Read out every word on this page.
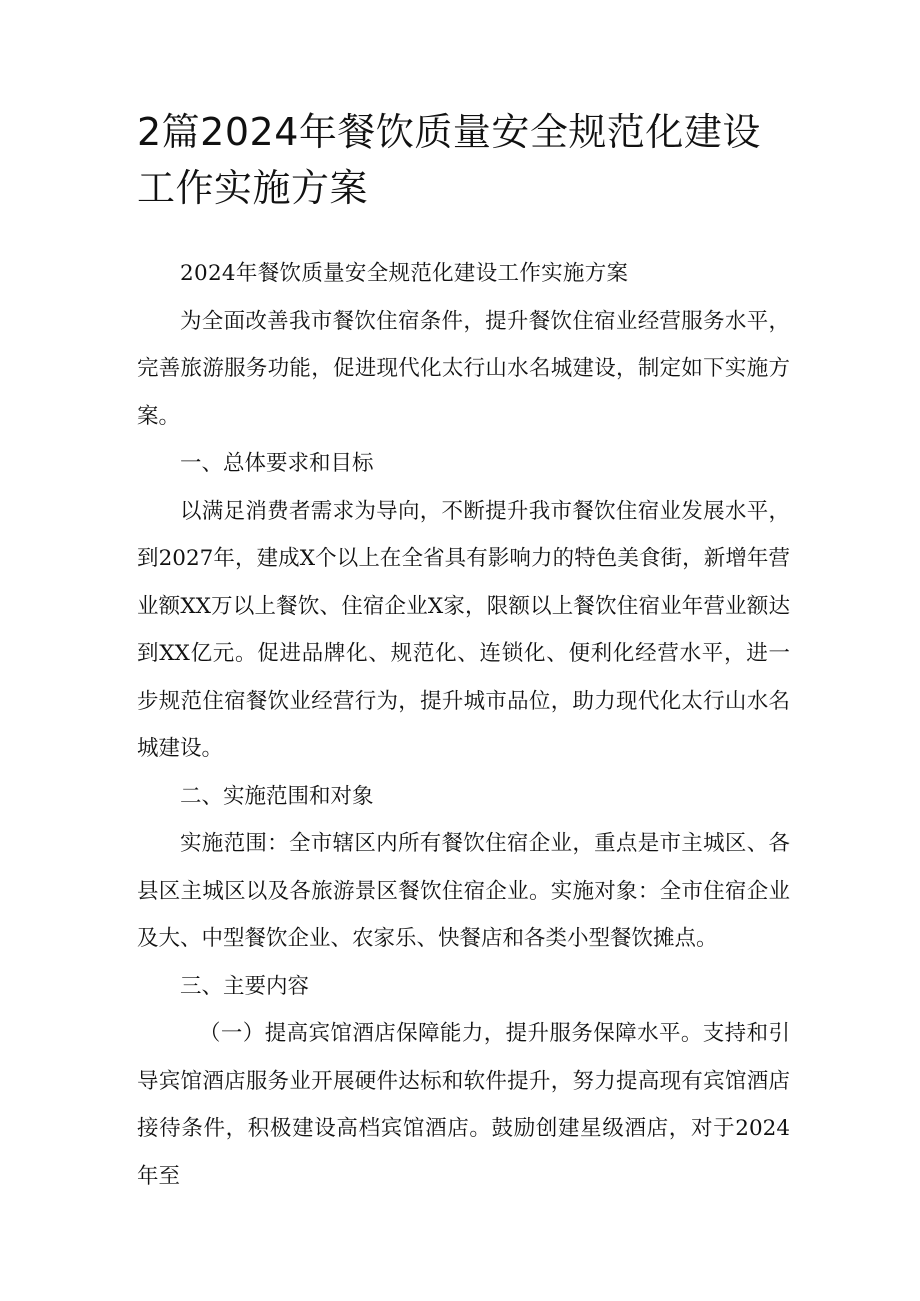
2篇2024年餐饮质量安全规范化建设工作实施方案

2024年餐饮质量安全规范化建设工作实施方案

为全面改善我市餐饮住宿条件，提升餐饮住宿业经营服务水平，完善旅游服务功能，促进现代化太行山水名城建设，制定如下实施方案。

一、总体要求和目标

以满足消费者需求为导向，不断提升我市餐饮住宿业发展水平，到2027年，建成X个以上在全省具有影响力的特色美食街，新增年营业额XX万以上餐饮、住宿企业X家，限额以上餐饮住宿业年营业额达到XX亿元。促进品牌化、规范化、连锁化、便利化经营水平，进一步规范住宿餐饮业经营行为，提升城市品位，助力现代化太行山水名城建设。

二、实施范围和对象

实施范围：全市辖区内所有餐饮住宿企业，重点是市主城区、各县区主城区以及各旅游景区餐饮住宿企业。实施对象：全市住宿企业及大、中型餐饮企业、农家乐、快餐店和各类小型餐饮摊点。

三、主要内容

（一）提高宾馆酒店保障能力，提升服务保障水平。支持和引导宾馆酒店服务业开展硬件达标和软件提升，努力提高现有宾馆酒店接待条件，积极建设高档宾馆酒店。鼓励创建星级酒店，对于2024年至
